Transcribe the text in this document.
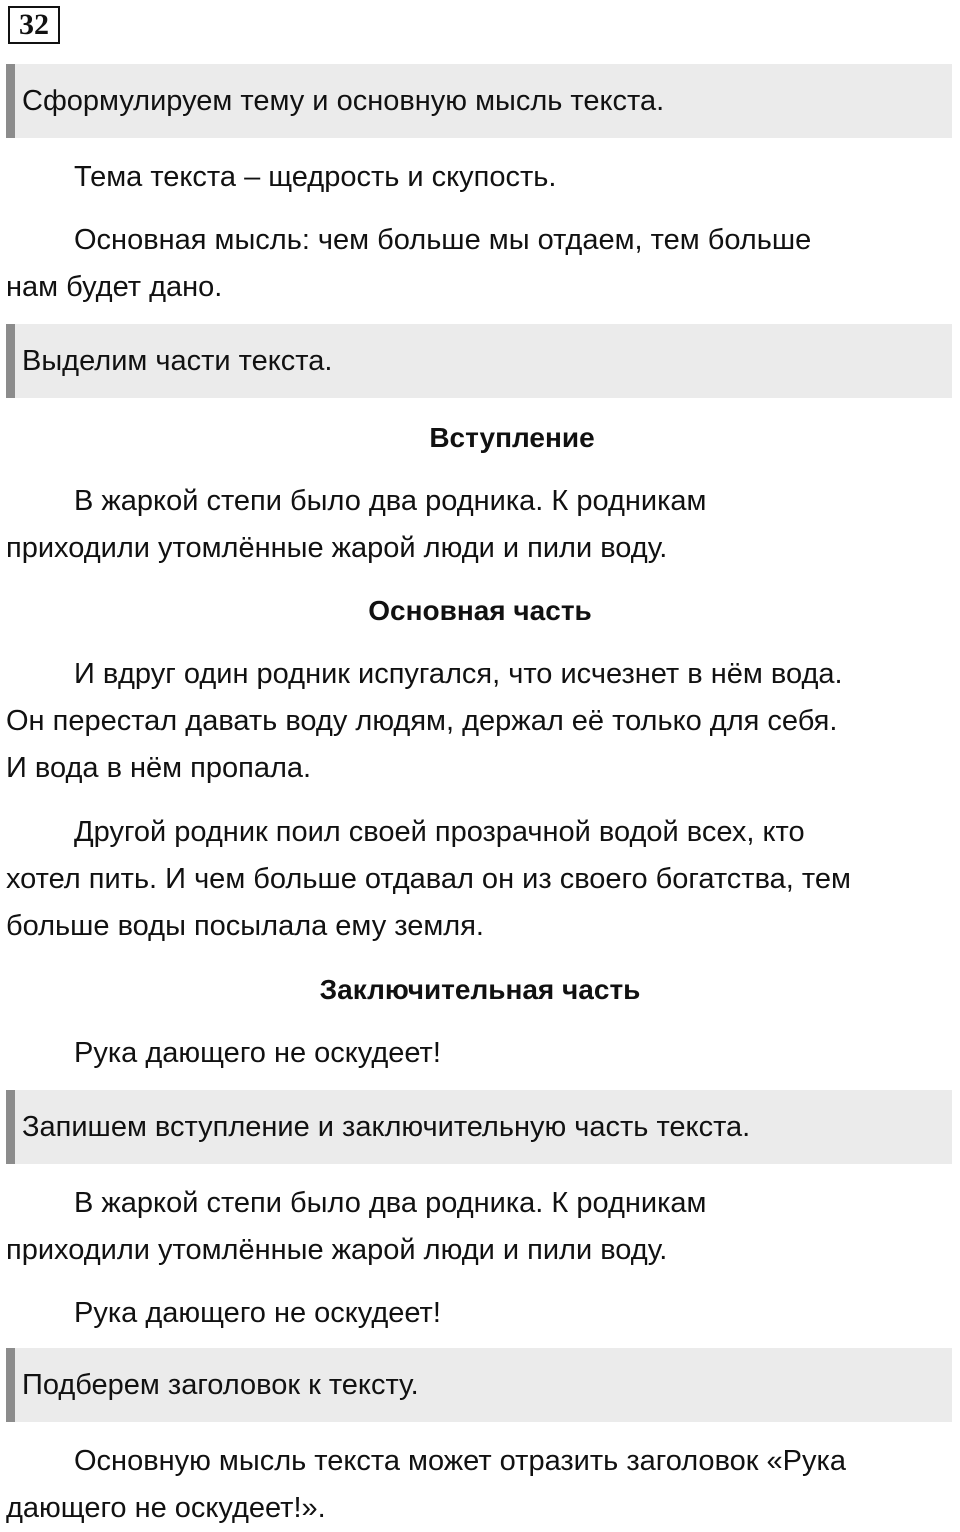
32
Сформулируем тему и основную мысль текста.

Тема текста – щедрость и скупость.

Основная мысль: чем больше мы отдаем, тем больше
нам будет дано.

Выделим части текста.
Вступление

В жаркой степи было два родника. К родникам
приходили утомлённые жарой люди и пили воду.

Основная часть

И вдруг один родник испугался, что исчезнет в нём вода.
Он перестал давать воду людям, держал её только для себя.
И вода в нём пропала.

Другой родник поил своей прозрачной водой всех, кто
хотел пить. И чем больше отдавал он из своего богатства, тем
больше воды посылала ему земля.

Заключительная часть

Рука дающего не оскудеет!

Запишем вступление и заключительную часть текста.

В жаркой степи было два родника. К родникам
приходили утомлённые жарой люди и пили воду.

Рука дающего не оскудеет!

Подберем заголовок к тексту.

Основную мысль текста может отразить заголовок «Рука
дающего не оскудеет!».
